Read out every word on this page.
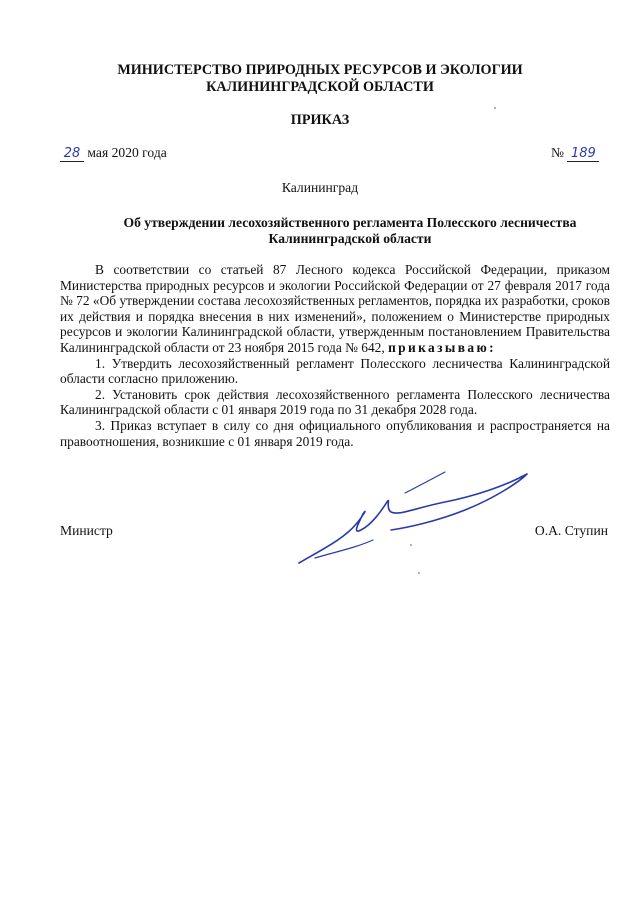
МИНИСТЕРСТВО ПРИРОДНЫХ РЕСУРСОВ И ЭКОЛОГИИ
КАЛИНИНГРАДСКОЙ ОБЛАСТИ
ПРИКАЗ
28 мая 2020 года	№ 189
Калининград
Об утверждении лесохозяйственного регламента Полесского лесничества
Калининградской области

В соответствии со статьей 87 Лесного кодекса Российской Федерации, приказом Министерства природных ресурсов и экологии Российской Федерации от 27 февраля 2017 года № 72 «Об утверждении состава лесохозяйственных регламентов, порядка их разработки, сроков их действия и порядка внесения в них изменений», положением о Министерстве природных ресурсов и экологии Калининградской области, утвержденным постановлением Правительства Калининградской области от 23 ноября 2015 года № 642, приказываю:

1. Утвердить лесохозяйственный регламент Полесского лесничества Калининградской области согласно приложению.

2. Установить срок действия лесохозяйственного регламента Полесского лесничества Калининградской области с 01 января 2019 года по 31 декабря 2028 года.

3. Приказ вступает в силу со дня официального опубликования и распространяется на правоотношения, возникшие с 01 января 2019 года.

Министр	О.А. Ступин
